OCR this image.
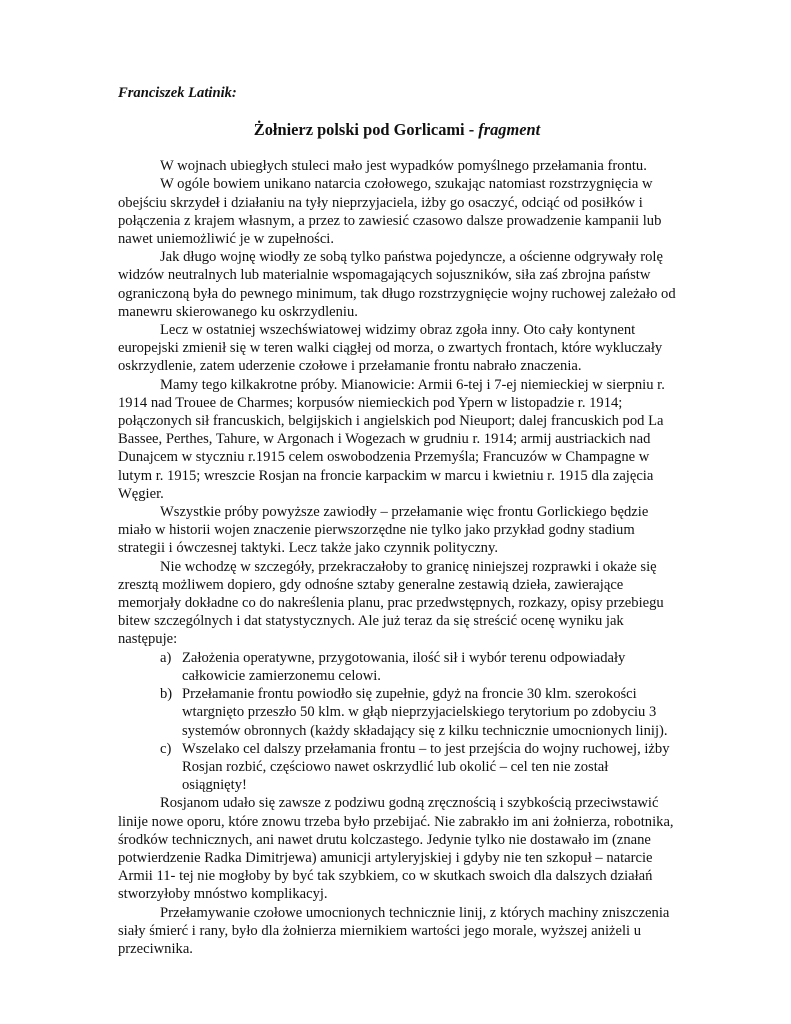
Franciszek Latinik:
Żołnierz polski pod Gorlicami - fragment

W wojnach ubiegłych stuleci mało jest wypadków pomyślnego przełamania frontu.

W ogóle bowiem unikano natarcia czołowego, szukając natomiast rozstrzygnięcia w obejściu skrzydeł i działaniu na tyły nieprzyjaciela, iżby go osaczyć, odciąć od posiłków i połączenia z krajem własnym, a przez to zawiesić czasowo dalsze prowadzenie kampanii lub nawet uniemożliwić je w zupełności.

Jak długo wojnę wiodły ze sobą tylko państwa pojedyncze, a ościenne odgrywały rolę widzów neutralnych lub materialnie wspomagających sojuszników, siła zaś zbrojna państw ograniczoną była do pewnego minimum, tak długo rozstrzygnięcie wojny ruchowej zależało od manewru skierowanego ku oskrzydleniu.

Lecz w ostatniej wszechświatowej widzimy obraz zgoła inny. Oto cały kontynent europejski zmienił się w teren walki ciągłej od morza, o zwartych frontach, które wykluczały oskrzydlenie, zatem uderzenie czołowe i przełamanie frontu nabrało znaczenia.

Mamy tego kilkakrotne próby. Mianowicie: Armii 6-tej i 7-ej niemieckiej w sierpniu r. 1914 nad Trouee de Charmes; korpusów niemieckich pod Ypern w listopadzie r. 1914; połączonych sił francuskich, belgijskich i angielskich pod Nieuport; dalej francuskich pod La Bassee, Perthes, Tahure, w Argonach i Wogezach w grudniu r. 1914; armij austriackich nad Dunajcem w styczniu r.1915 celem oswobodzenia Przemyśla; Francuzów w Champagne w lutym r. 1915; wreszcie Rosjan na froncie karpackim w marcu i kwietniu r. 1915 dla zajęcia Węgier.

Wszystkie próby powyższe zawiodły – przełamanie więc frontu Gorlickiego będzie miało w historii wojen znaczenie pierwszorzędne nie tylko jako przykład godny stadium strategii i ówczesnej taktyki. Lecz także jako czynnik polityczny.

Nie wchodzę w szczegóły, przekraczałoby to granicę niniejszej rozprawki i okaże się zresztą możliwem dopiero, gdy odnośne sztaby generalne zestawią dzieła, zawierające memorjały dokładne co do nakreślenia planu, prac przedwstępnych, rozkazy, opisy przebiegu bitew szczególnych i dat statystycznych. Ale już teraz da się streścić ocenę wyniku jak następuje:

a) Założenia operatywne, przygotowania, ilość sił i wybór terenu odpowiadały całkowicie zamierzonemu celowi.
b) Przełamanie frontu powiodło się zupełnie, gdyż na froncie 30 klm. szerokości wtargnięto przeszło 50 klm. w głąb nieprzyjacielskiego terytorium po zdobyciu 3 systemów obronnych (każdy składający się z kilku technicznie umocnionych linij).
c) Wszelako cel dalszy przełamania frontu – to jest przejścia do wojny ruchowej, iżby Rosjan rozbić, częściowo nawet oskrzydlić lub okolić – cel ten nie został osiągnięty!

Rosjanom udało się zawsze z podziwu godną zręcznością i szybkością przeciwstawić linije nowe oporu, które znowu trzeba było przebijać. Nie zabrakło im ani żołnierza, robotnika, środków technicznych, ani nawet drutu kolczastego. Jedynie tylko nie dostawało im (znane potwierdzenie Radka Dimitrjewa) amunicji artyleryjskiej i gdyby nie ten szkopuł – natarcie Armii 11- tej nie mogłoby by być tak szybkiem, co w skutkach swoich dla dalszych działań stworzyłoby mnóstwo komplikacyj.

Przełamywanie czołowe umocnionych technicznie linij, z których machiny zniszczenia siały śmierć i rany, było dla żołnierza miernikiem wartości jego morale, wyższej aniżeli u przeciwnika.
